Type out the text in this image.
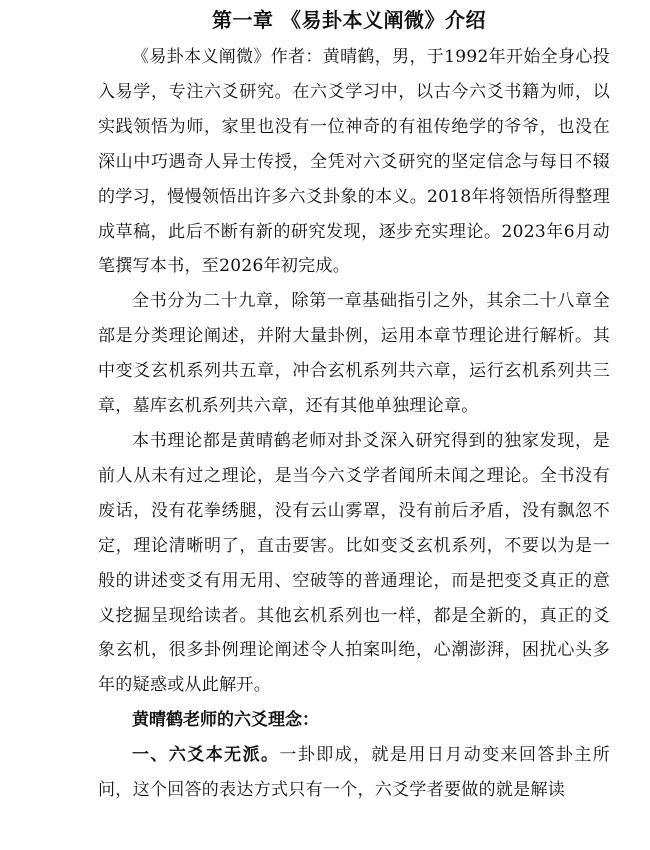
第一章 《易卦本义阐微》介绍

《易卦本义阐微》作者：黄晴鹤，男，于1992年开始全身心投入易学，专注六爻研究。在六爻学习中，以古今六爻书籍为师，以实践领悟为师，家里也没有一位神奇的有祖传绝学的爷爷，也没在深山中巧遇奇人异士传授，全凭对六爻研究的坚定信念与每日不辍的学习，慢慢领悟出许多六爻卦象的本义。2018年将领悟所得整理成草稿，此后不断有新的研究发现，逐步充实理论。2023年6月动笔撰写本书，至2026年初完成。

全书分为二十九章，除第一章基础指引之外，其余二十八章全部是分类理论阐述，并附大量卦例，运用本章节理论进行解析。其中变爻玄机系列共五章，冲合玄机系列共六章，运行玄机系列共三章，墓库玄机系列共六章，还有其他单独理论章。

本书理论都是黄晴鹤老师对卦爻深入研究得到的独家发现，是前人从未有过之理论，是当今六爻学者闻所未闻之理论。全书没有废话，没有花拳绣腿，没有云山雾罩，没有前后矛盾，没有飘忽不定，理论清晰明了，直击要害。比如变爻玄机系列，不要以为是一般的讲述变爻有用无用、空破等的普通理论，而是把变爻真正的意义挖掘呈现给读者。其他玄机系列也一样，都是全新的，真正的爻象玄机，很多卦例理论阐述令人拍案叫绝，心潮澎湃，困扰心头多年的疑惑或从此解开。

黄晴鹤老师的六爻理念：

一、六爻本无派。一卦即成，就是用日月动变来回答卦主所问，这个回答的表达方式只有一个，六爻学者要做的就是解读
